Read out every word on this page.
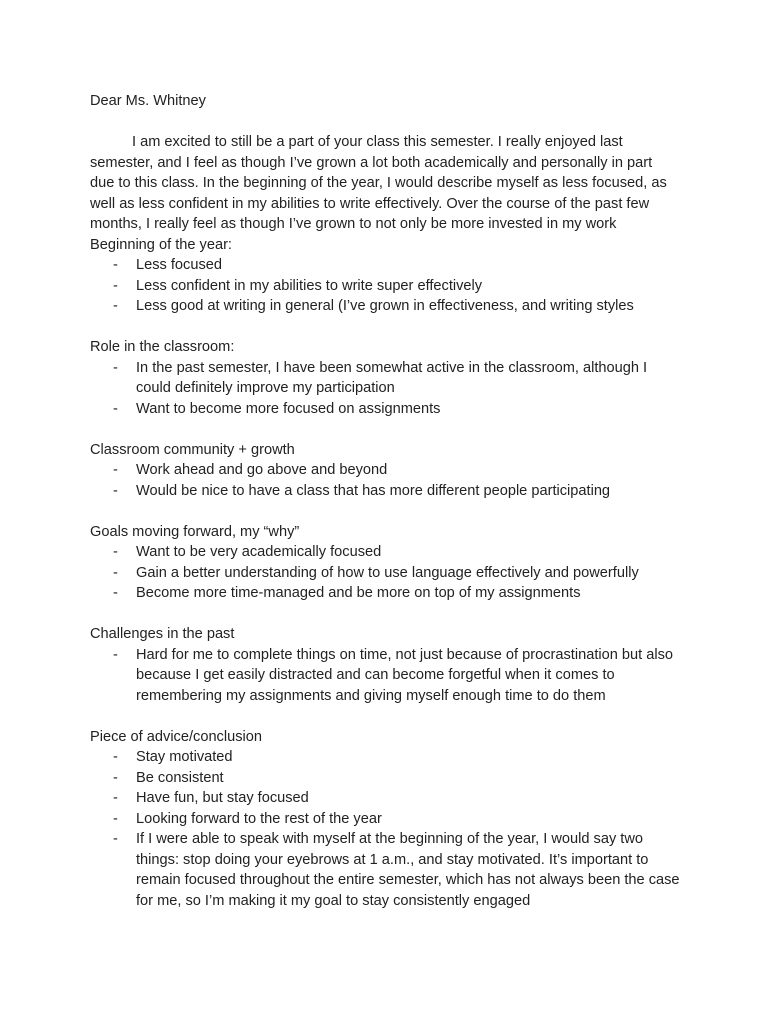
Dear Ms. Whitney

I am excited to still be a part of your class this semester. I really enjoyed last semester, and I feel as though I’ve grown a lot both academically and personally in part due to this class. In the beginning of the year, I would describe myself as less focused, as well as less confident in my abilities to write effectively. Over the course of the past few months, I really feel as though I’ve grown to not only be more invested in my work

Beginning of the year:

- Less focused
- Less confident in my abilities to write super effectively
- Less good at writing in general (I’ve grown in effectiveness, and writing styles

Role in the classroom:

- In the past semester, I have been somewhat active in the classroom, although I could definitely improve my participation
- Want to become more focused on assignments

Classroom community + growth

- Work ahead and go above and beyond
- Would be nice to have a class that has more different people participating

Goals moving forward, my “why”

- Want to be very academically focused
- Gain a better understanding of how to use language effectively and powerfully
- Become more time-managed and be more on top of my assignments

Challenges in the past

- Hard for me to complete things on time, not just because of procrastination but also because I get easily distracted and can become forgetful when it comes to remembering my assignments and giving myself enough time to do them

Piece of advice/conclusion

- Stay motivated
- Be consistent
- Have fun, but stay focused
- Looking forward to the rest of the year
- If I were able to speak with myself at the beginning of the year, I would say two things: stop doing your eyebrows at 1 a.m., and stay motivated. It’s important to remain focused throughout the entire semester, which has not always been the case for me, so I’m making it my goal to stay consistently engaged
